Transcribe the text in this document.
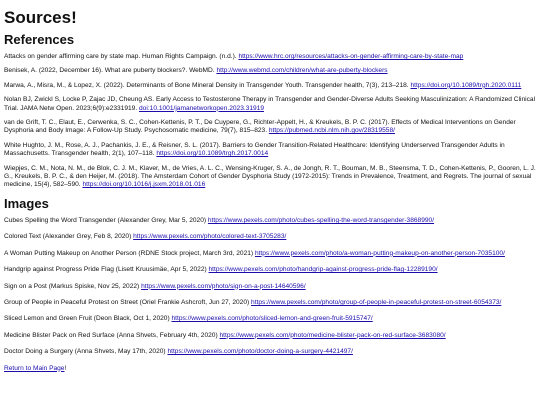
Sources!
References

Attacks on gender affirming care by state map. Human Rights Campaign. (n.d.). https://www.hrc.org/resources/attacks-on-gender-affirming-care-by-state-map

Benisek, A. (2022, December 16). What are puberty blockers?. WebMD. http://www.webmd.com/children/what-are-puberty-blockers

Marwa, A., Misra, M., & Lopez, X. (2022). Determinants of Bone Mineral Density in Transgender Youth. Transgender health, 7(3), 213–218. https://doi.org/10.1089/trgh.2020.0111

Nolan BJ, Zwickl S, Locke P, Zajac JD, Cheung AS. Early Access to Testosterone Therapy in Transgender and Gender-Diverse Adults Seeking Masculinization: A Randomized Clinical Trial. JAMA Netw Open. 2023;6(9):e2331919. doi:10.1001/jamanetworkopen.2023.31919

van de Grift, T. C., Elaut, E., Cerwenka, S. C., Cohen-Kettenis, P. T., De Cuypere, G., Richter-Appelt, H., & Kreukels, B. P. C. (2017). Effects of Medical Interventions on Gender Dysphoria and Body Image: A Follow-Up Study. Psychosomatic medicine, 79(7), 815–823. https://pubmed.ncbi.nlm.nih.gov/28319558/

White Hughto, J. M., Rose, A. J., Pachankis, J. E., & Reisner, S. L. (2017). Barriers to Gender Transition-Related Healthcare: Identifying Underserved Transgender Adults in Massachusetts. Transgender health, 2(1), 107–118. https://doi.org/10.1089/trgh.2017.0014

Wiepjes, C. M., Nota, N. M., de Blok, C. J. M., Klaver, M., de Vries, A. L. C., Wensing-Kruger, S. A., de Jongh, R. T., Bouman, M. B., Steensma, T. D., Cohen-Kettenis, P., Gooren, L. J. G., Kreukels, B. P. C., & den Heijer, M. (2018). The Amsterdam Cohort of Gender Dysphoria Study (1972-2015): Trends in Prevalence, Treatment, and Regrets. The journal of sexual medicine, 15(4), 582–590. https://doi.org/10.1016/j.jsxm.2018.01.016

Images

Cubes Spelling the Word Transgender (Alexander Grey, Mar 5, 2020) https://www.pexels.com/photo/cubes-spelling-the-word-transgender-3868990/

Colored Text (Alexander Grey, Feb 8, 2020) https://www.pexels.com/photo/colored-text-3705283/

A Woman Putting Makeup on Another Person (RDNE Stock project, March 3rd, 2021) https://www.pexels.com/photo/a-woman-putting-makeup-on-another-person-7035100/

Handgrip against Progress Pride Flag (Lisett Kruusimäe, Apr 5, 2022) https://www.pexels.com/photo/handgrip-against-progress-pride-flag-12289190/

Sign on a Post (Markus Spiske, Nov 25, 2022) https://www.pexels.com/photo/sign-on-a-post-14640596/

Group of People in Peaceful Protest on Street (Oriel Frankie Ashcroft, Jun 27, 2020) https://www.pexels.com/photo/group-of-people-in-peaceful-protest-on-street-6054373/

Sliced Lemon and Green Fruit (Deon Black, Oct 1, 2020) https://www.pexels.com/photo/sliced-lemon-and-green-fruit-5915747/

Medicine Blister Pack on Red Surface (Anna Shvets, February 4th, 2020) https://www.pexels.com/photo/medicine-blister-pack-on-red-surface-3683080/

Doctor Doing a Surgery (Anna Shvets, May 17th, 2020) https://www.pexels.com/photo/doctor-doing-a-surgery-4421497/

Return to Main Page!
